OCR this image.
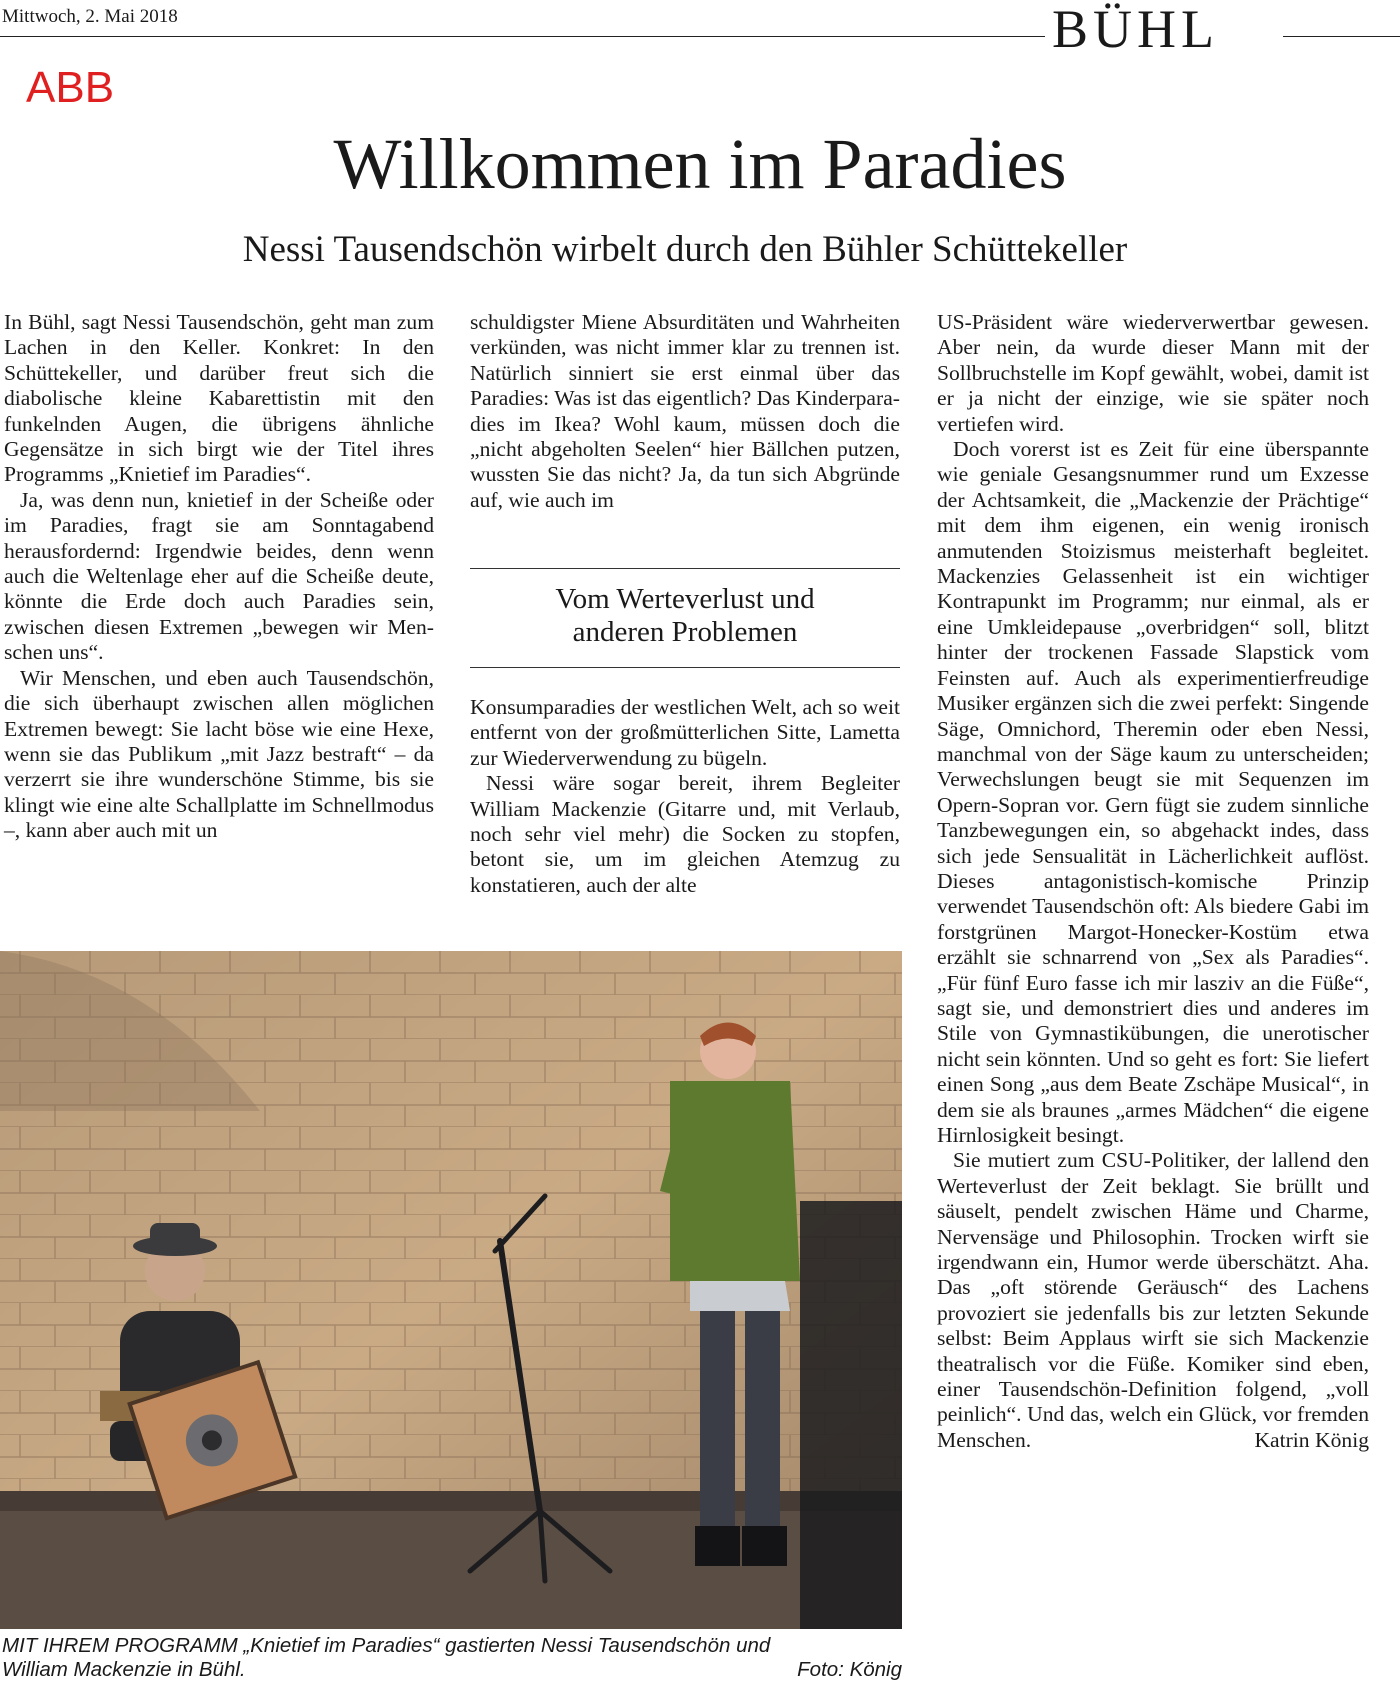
Mittwoch, 2. Mai 2018	BÜHL
ABB
Willkommen im Paradies
Nessi Tausendschön wirbelt durch den Bühler Schüttekeller

In Bühl, sagt Nessi Tausendschön, geht man zum Lachen in den Keller. Konkret: In den Schüttekeller, und darüber freut sich die diabolische kleine Kabarettistin mit den funkelnden Augen, die übrigens ähnliche Gegensätze in sich birgt wie der Titel ihres Programms „Knietief im Paradies“.

Ja, was denn nun, knietief in der Scheiße oder im Paradies, fragt sie am Sonntagabend herausfordernd: Irgendwie beides, denn wenn auch die Weltenlage eher auf die Scheiße deute, könnte die Erde doch auch Paradies sein, zwischen diesen Extremen „bewegen wir Menschen uns“.

Wir Menschen, und eben auch Tausendschön, die sich überhaupt zwischen allen möglichen Extremen bewegt: Sie lacht böse wie eine Hexe, wenn sie das Publikum „mit Jazz bestraft“ – da verzerrt sie ihre wunderschöne Stimme, bis sie klingt wie eine alte Schallplatte im Schnellmodus –, kann aber auch mit un

schuldigster Miene Absurditäten und Wahrheiten verkünden, was nicht immer klar zu trennen ist. Natürlich sinniert sie erst einmal über das Paradies: Was ist das eigentlich? Das Kinderparadies im Ikea? Wohl kaum, müssen doch die „nicht abgeholten Seelen“ hier Bällchen putzen, wussten Sie das nicht? Ja, da tun sich Abgründe auf, wie auch im

Vom Werteverlust und
anderen Problemen

Konsumparadies der westlichen Welt, ach so weit entfernt von der großmütterlichen Sitte, Lametta zur Wiederverwendung zu bügeln.

Nessi wäre sogar bereit, ihrem Begleiter William Mackenzie (Gitarre und, mit Verlaub, noch sehr viel mehr) die Socken zu stopfen, betont sie, um im gleichen Atemzug zu konstatieren, auch der alte

US-Präsident wäre wiederverwertbar gewesen. Aber nein, da wurde dieser Mann mit der Sollbruchstelle im Kopf gewählt, wobei, damit ist er ja nicht der einzige, wie sie später noch vertiefen wird.

Doch vorerst ist es Zeit für eine überspannte wie geniale Gesangsnummer rund um Exzesse der Achtsamkeit, die „Mackenzie der Prächtige“ mit dem ihm eigenen, ein wenig ironisch anmutenden Stoizismus meisterhaft begleitet. Mackenzies Gelassenheit ist ein wichtiger Kontrapunkt im Programm; nur einmal, als er eine Umkleidepause „overbridgen“ soll, blitzt hinter der trockenen Fassade Slapstick vom Feinsten auf. Auch als experimentierfreudige Musiker ergänzen sich die zwei perfekt: Singende Säge, Omnichord, Theremin oder eben Nessi, manchmal von der Säge kaum zu unterscheiden; Verwechslungen beugt sie mit Sequenzen im Opern-Sopran vor. Gern fügt sie zudem sinnliche Tanzbewegungen ein, so abgehackt indes, dass sich jede Sensualität in Lächerlichkeit auflöst. Dieses antagonistisch-komische Prinzip verwendet Tausendschön oft: Als biedere Gabi im forstgrünen Margot-Honecker-Kostüm etwa erzählt sie schnarrend von „Sex als Paradies“. „Für fünf Euro fasse ich mir lasziv an die Füße“, sagt sie, und demonstriert dies und anderes im Stile von Gymnastikübungen, die unerotischer nicht sein könnten. Und so geht es fort: Sie liefert einen Song „aus dem Beate Zschäpe Musical“, in dem sie als braunes „armes Mädchen“ die eigene Hirnlosigkeit besingt.

Sie mutiert zum CSU-Politiker, der lallend den Werteverlust der Zeit beklagt. Sie brüllt und säuselt, pendelt zwischen Häme und Charme, Nervensäge und Philosophin. Trocken wirft sie irgendwann ein, Humor werde überschätzt. Aha. Das „oft störende Geräusch“ des Lachens provoziert sie jedenfalls bis zur letzten Sekunde selbst: Beim Applaus wirft sie sich Mackenzie theatralisch vor die Füße. Komiker sind eben, einer Tausendschön-Definition folgend, „voll peinlich“. Und das, welch ein Glück, vor fremden Menschen.	Katrin König
MIT IHREM PROGRAMM „Knietief im Paradies“ gastierten Nessi Tausendschön und
William Mackenzie in Bühl.	Foto: König
